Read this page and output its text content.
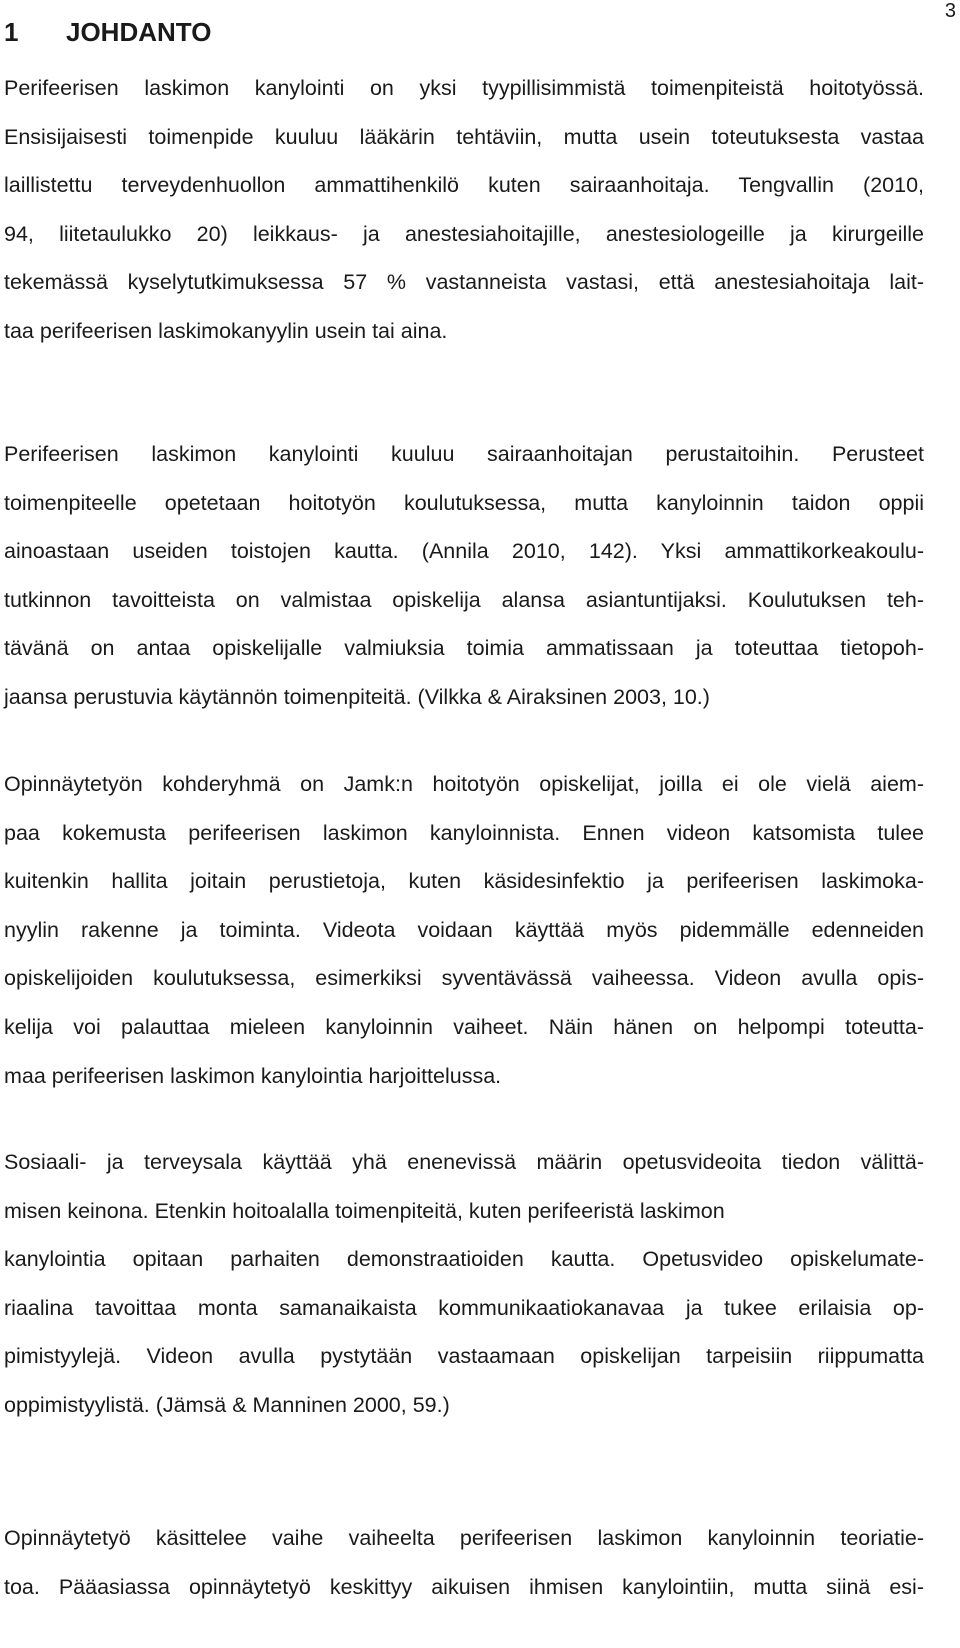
3
1 JOHDANTO
Perifeerisen laskimon kanylointi on yksi tyypillisimmistä toimenpiteistä hoitotyössä.
Ensisijaisesti toimenpide kuuluu lääkärin tehtäviin, mutta usein toteutuksesta vastaa
laillistettu terveydenhuollon ammattihenkilö kuten sairaanhoitaja. Tengvallin (2010,
94, liitetaulukko 20) leikkaus- ja anestesiahoitajille, anestesiologeille ja kirurgeille
tekemässä kyselytutkimuksessa 57 % vastanneista vastasi, että anestesiahoitaja lait-
taa perifeerisen laskimokanyylin usein tai aina.
Perifeerisen laskimon kanylointi kuuluu sairaanhoitajan perustaitoihin. Perusteet
toimenpiteelle opetetaan hoitotyön koulutuksessa, mutta kanyloinnin taidon oppii
ainoastaan useiden toistojen kautta. (Annila 2010, 142). Yksi ammattikorkeakoulu-
tutkinnon tavoitteista on valmistaa opiskelija alansa asiantuntijaksi. Koulutuksen teh-
tävänä on antaa opiskelijalle valmiuksia toimia ammatissaan ja toteuttaa tietopoh-
jaansa perustuvia käytännön toimenpiteitä. (Vilkka & Airaksinen 2003, 10.)
Opinnäytetyön kohderyhmä on Jamk:n hoitotyön opiskelijat, joilla ei ole vielä aiem-
paa kokemusta perifeerisen laskimon kanyloinnista. Ennen videon katsomista tulee
kuitenkin hallita joitain perustietoja, kuten käsidesinfektio ja perifeerisen laskimoka-
nyylin rakenne ja toiminta. Videota voidaan käyttää myös pidemmälle edenneiden
opiskelijoiden koulutuksessa, esimerkiksi syventävässä vaiheessa. Videon avulla opis-
kelija voi palauttaa mieleen kanyloinnin vaiheet. Näin hänen on helpompi toteutta-
maa perifeerisen laskimon kanylointia harjoittelussa.
Sosiaali- ja terveysala käyttää yhä enenevissä määrin opetusvideoita tiedon välittä-
misen keinona. Etenkin hoitoalalla toimenpiteitä, kuten perifeeristä laskimon
kanylointia opitaan parhaiten demonstraatioiden kautta. Opetusvideo opiskelumate-
riaalina tavoittaa monta samanaikaista kommunikaatiokanavaa ja tukee erilaisia op-
pimistyylejä. Videon avulla pystytään vastaamaan opiskelijan tarpeisiin riippumatta
oppimistyylistä. (Jämsä & Manninen 2000, 59.)
Opinnäytetyö käsittelee vaihe vaiheelta perifeerisen laskimon kanyloinnin teoriatie-
toa. Pääasiassa opinnäytetyö keskittyy aikuisen ihmisen kanylointiin, mutta siinä esi-
